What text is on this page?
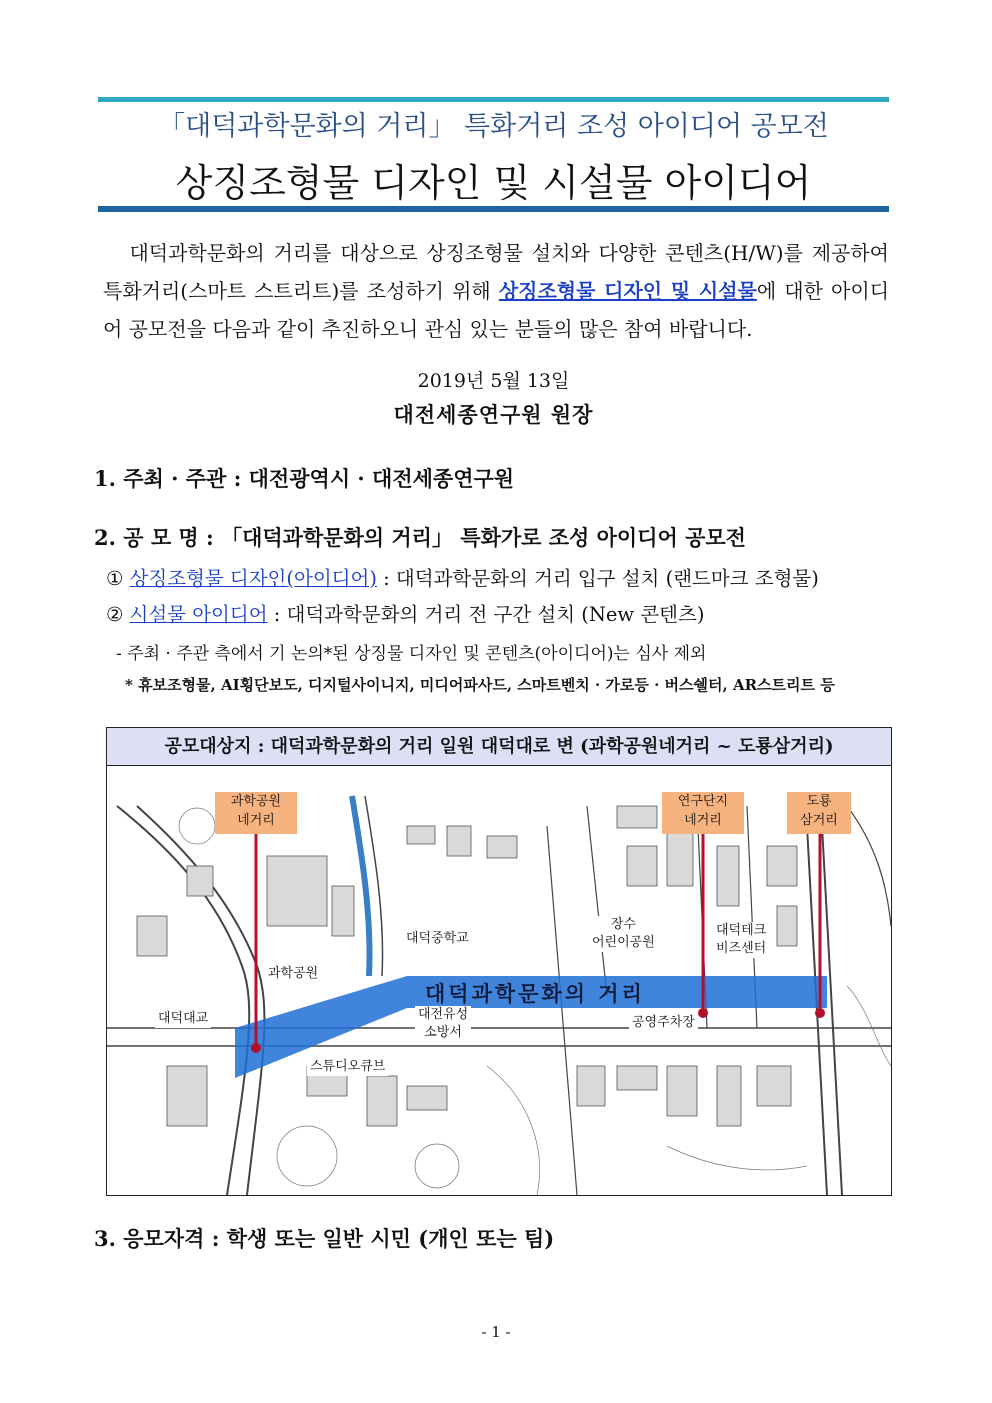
「대덕과학문화의 거리」 특화거리 조성 아이디어 공모전
상징조형물 디자인 및 시설물 아이디어

대덕과학문화의 거리를 대상으로 상징조형물 설치와 다양한 콘텐츠(H/W)를 제공하여 특화거리(스마트 스트리트)를 조성하기 위해 상징조형물 디자인 및 시설물에 대한 아이디어 공모전을 다음과 같이 추진하오니 관심 있는 분들의 많은 참여 바랍니다.

2019년 5월 13일
대전세종연구원 원장
1. 주최 · 주관 : 대전광역시 · 대전세종연구원
2. 공 모 명 : 「대덕과학문화의 거리」 특화가로 조성 아이디어 공모전
① 상징조형물 디자인(아이디어) : 대덕과학문화의 거리 입구 설치 (랜드마크 조형물)
② 시설물 아이디어 : 대덕과학문화의 거리 전 구간 설치 (New 콘텐츠)
- 주최 · 주관 측에서 기 논의*된 상징물 디자인 및 콘텐츠(아이디어)는 심사 제외
* 휴보조형물, AI횡단보도, 디지털사이니지, 미디어파사드, 스마트벤치 · 가로등 · 버스쉘터, AR스트리트 등
공모대상지 : 대덕과학문화의 거리 일원 대덕대로 변 (과학공원네거리 ~ 도룡삼거리)
과학공원
네거리
연구단지
네거리
도룡
삼거리
대덕과학문화의 거리
대덕중학교
과학공원
대덕대교	대전유성
소방서
스튜디오큐브
장수
어린이공원
대덕테크
비즈센터
공영주차장
3. 응모자격 : 학생 또는 일반 시민 (개인 또는 팀)
- 1 -
